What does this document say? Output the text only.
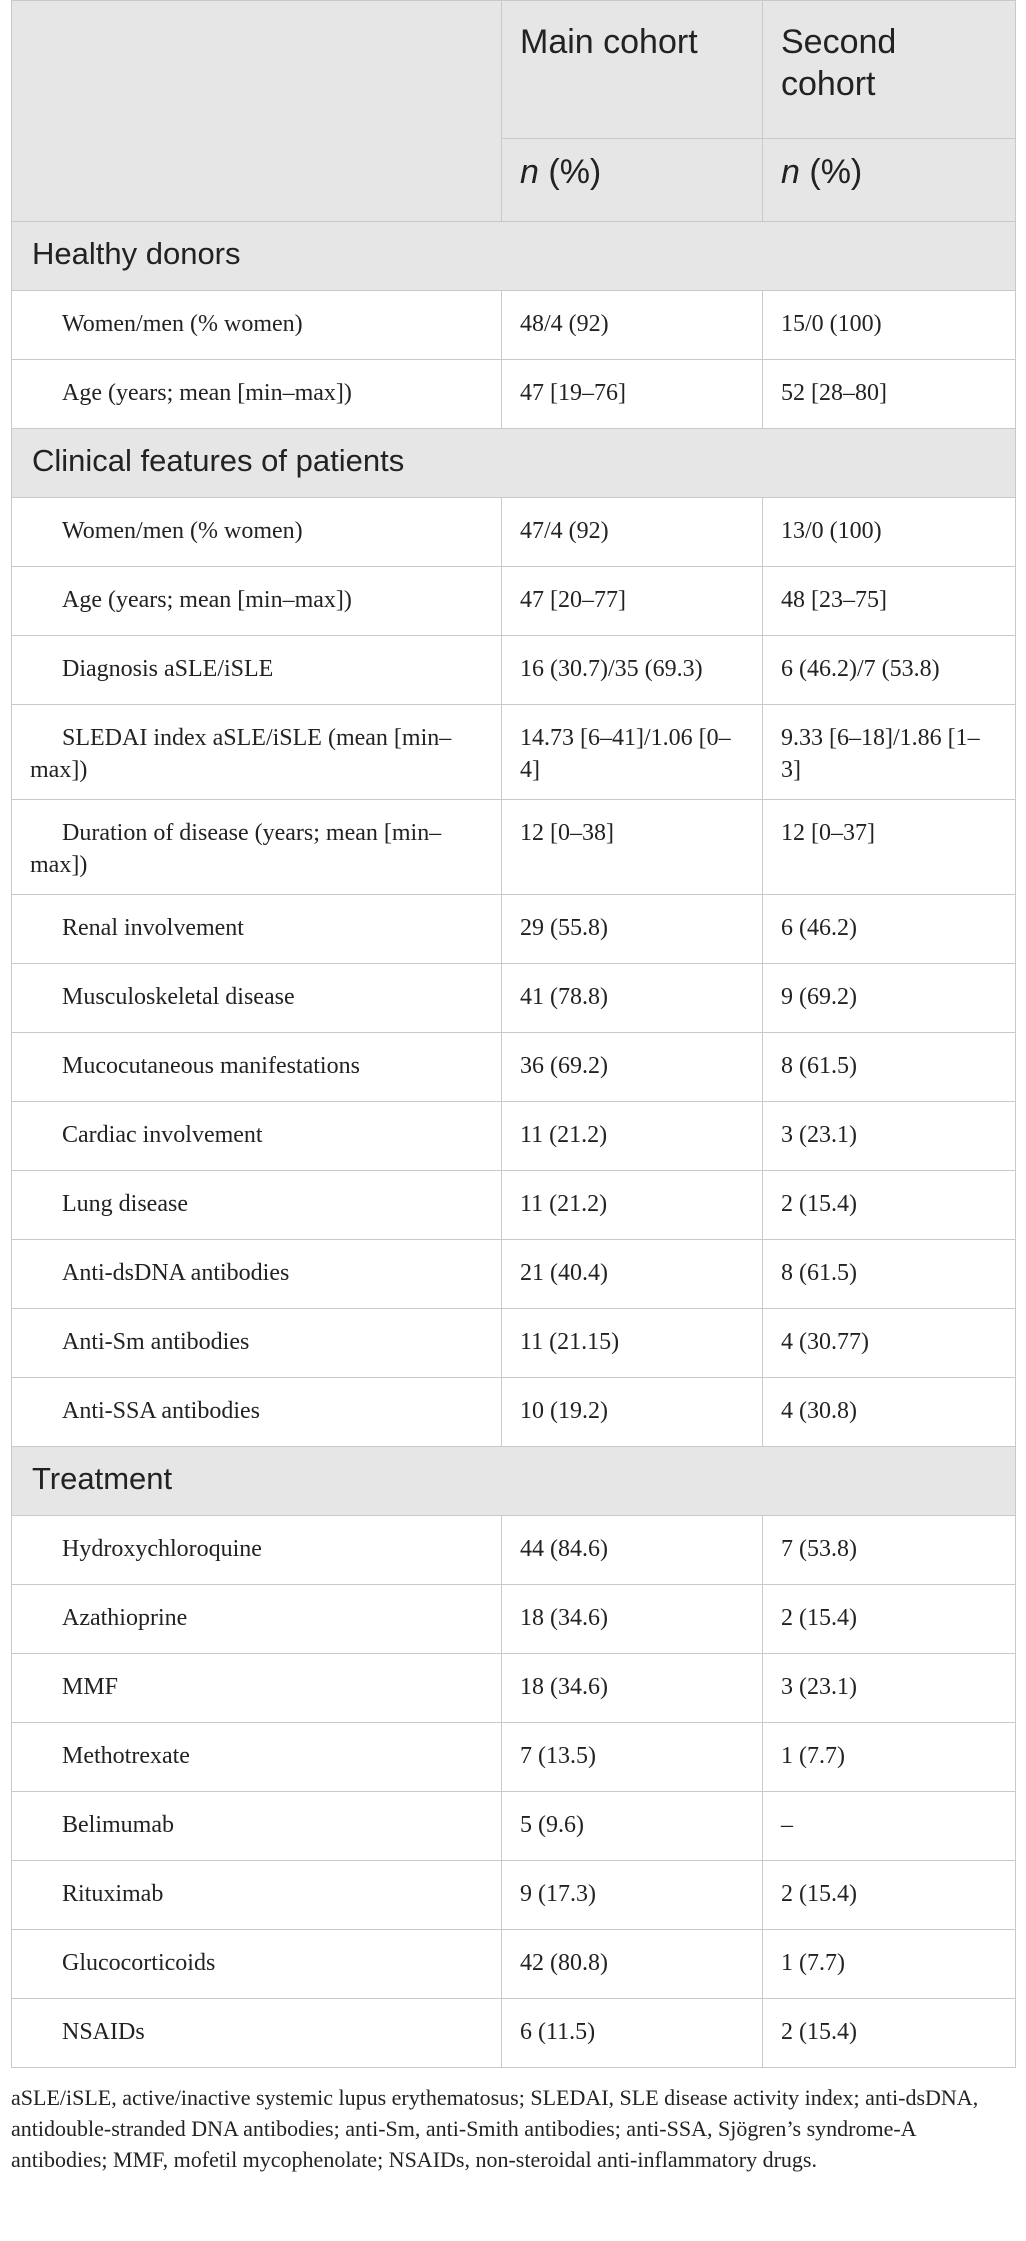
	Main cohort	Second cohort
	n (%)	n (%)
Healthy donors		
Women/men (% women)	48/4 (92)	15/0 (100)
Age (years; mean [min–max])	47 [19–76]	52 [28–80]
Clinical features of patients		
Women/men (% women)	47/4 (92)	13/0 (100)
Age (years; mean [min–max])	47 [20–77]	48 [23–75]
Diagnosis aSLE/iSLE	16 (30.7)/35 (69.3)	6 (46.2)/7 (53.8)
SLEDAI index aSLE/iSLE (mean [min–max])	14.73 [6–41]/1.06 [0–4]	9.33 [6–18]/1.86 [1–3]
Duration of disease (years; mean [min–max])	12 [0–38]	12 [0–37]
Renal involvement	29 (55.8)	6 (46.2)
Musculoskeletal disease	41 (78.8)	9 (69.2)
Mucocutaneous manifestations	36 (69.2)	8 (61.5)
Cardiac involvement	11 (21.2)	3 (23.1)
Lung disease	11 (21.2)	2 (15.4)
Anti-dsDNA antibodies	21 (40.4)	8 (61.5)
Anti-Sm antibodies	11 (21.15)	4 (30.77)
Anti-SSA antibodies	10 (19.2)	4 (30.8)
Treatment		
Hydroxychloroquine	44 (84.6)	7 (53.8)
Azathioprine	18 (34.6)	2 (15.4)
MMF	18 (34.6)	3 (23.1)
Methotrexate	7 (13.5)	1 (7.7)
Belimumab	5 (9.6)	–
Rituximab	9 (17.3)	2 (15.4)
Glucocorticoids	42 (80.8)	1 (7.7)
NSAIDs	6 (11.5)	2 (15.4)
aSLE/iSLE, active/inactive systemic lupus erythematosus; SLEDAI, SLE disease activity index; anti-dsDNA, antidouble-stranded DNA antibodies; anti-Sm, anti-Smith antibodies; anti-SSA, Sjögren’s syndrome-A antibodies; MMF, mofetil mycophenolate; NSAIDs, non-steroidal anti-inflammatory drugs.
